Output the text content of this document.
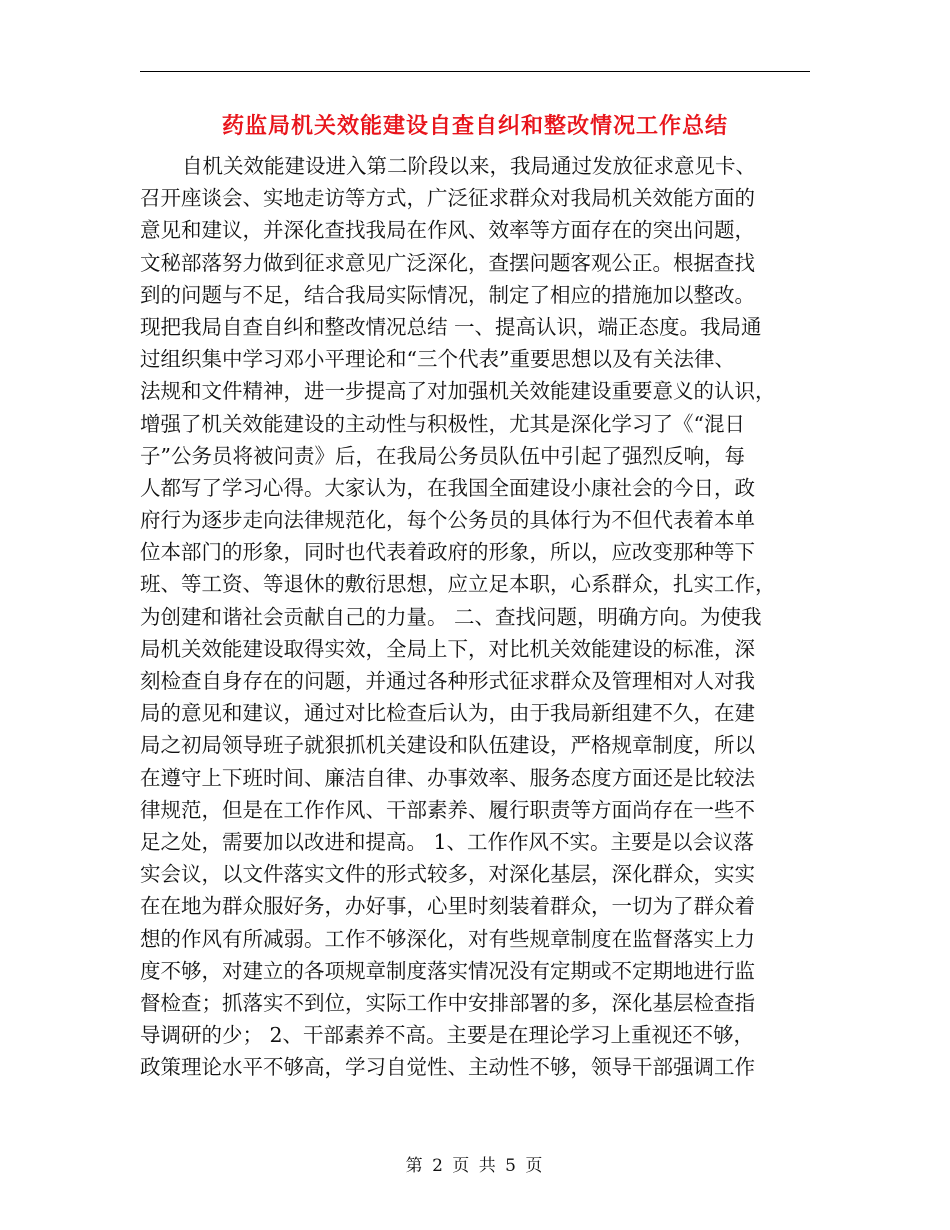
药监局机关效能建设自查自纠和整改情况工作总结
自机关效能建设进入第二阶段以来，我局通过发放征求意见卡、
召开座谈会、实地走访等方式，广泛征求群众对我局机关效能方面的
意见和建议，并深化查找我局在作风、效率等方面存在的突出问题，
文秘部落努力做到征求意见广泛深化，查摆问题客观公正。根据查找
到的问题与不足，结合我局实际情况，制定了相应的措施加以整改。
现把我局自查自纠和整改情况总结 一、提高认识，端正态度。我局通
过组织集中学习邓小平理论和“三个代表”重要思想以及有关法律、
法规和文件精神，进一步提高了对加强机关效能建设重要意义的认识，
增强了机关效能建设的主动性与积极性，尤其是深化学习了《“混日
子”公务员将被问责》后，在我局公务员队伍中引起了强烈反响，每
人都写了学习心得。大家认为，在我国全面建设小康社会的今日，政
府行为逐步走向法律规范化，每个公务员的具体行为不但代表着本单
位本部门的形象，同时也代表着政府的形象，所以，应改变那种等下
班、等工资、等退休的敷衍思想，应立足本职，心系群众，扎实工作，
为创建和谐社会贡献自己的力量。 二、查找问题，明确方向。为使我
局机关效能建设取得实效，全局上下，对比机关效能建设的标准，深
刻检查自身存在的问题，并通过各种形式征求群众及管理相对人对我
局的意见和建议，通过对比检查后认为，由于我局新组建不久，在建
局之初局领导班子就狠抓机关建设和队伍建设，严格规章制度，所以
在遵守上下班时间、廉洁自律、办事效率、服务态度方面还是比较法
律规范，但是在工作作风、干部素养、履行职责等方面尚存在一些不
足之处，需要加以改进和提高。 1、工作作风不实。主要是以会议落
实会议，以文件落实文件的形式较多，对深化基层，深化群众，实实
在在地为群众服好务，办好事，心里时刻装着群众，一切为了群众着
想的作风有所减弱。工作不够深化，对有些规章制度在监督落实上力
度不够，对建立的各项规章制度落实情况没有定期或不定期地进行监
督检查；抓落实不到位，实际工作中安排部署的多，深化基层检查指
导调研的少； 2、干部素养不高。主要是在理论学习上重视还不够，
政策理论水平不够高，学习自觉性、主动性不够，领导干部强调工作
第 2 页 共 5 页
